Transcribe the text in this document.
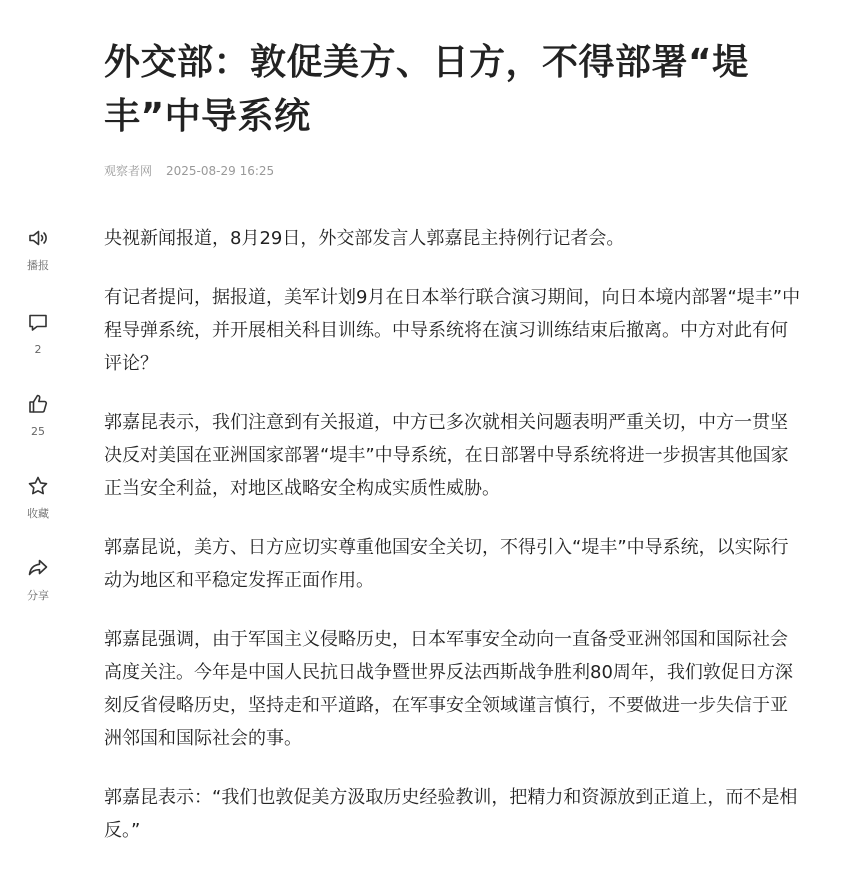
外交部：敦促美方、日方，不得部署“堤丰”中导系统
观察者网 2025-08-29 16:25
播报
2
25
收藏
分享

央视新闻报道，8月29日，外交部发言人郭嘉昆主持例行记者会。

有记者提问，据报道，美军计划9月在日本举行联合演习期间，向日本境内部署“堤丰”中程导弹系统，并开展相关科目训练。中导系统将在演习训练结束后撤离。中方对此有何评论？

郭嘉昆表示，我们注意到有关报道，中方已多次就相关问题表明严重关切，中方一贯坚决反对美国在亚洲国家部署“堤丰”中导系统，在日部署中导系统将进一步损害其他国家正当安全利益，对地区战略安全构成实质性威胁。

郭嘉昆说，美方、日方应切实尊重他国安全关切，不得引入“堤丰”中导系统，以实际行动为地区和平稳定发挥正面作用。

郭嘉昆强调，由于军国主义侵略历史，日本军事安全动向一直备受亚洲邻国和国际社会高度关注。今年是中国人民抗日战争暨世界反法西斯战争胜利80周年，我们敦促日方深刻反省侵略历史，坚持走和平道路，在军事安全领域谨言慎行，不要做进一步失信于亚洲邻国和国际社会的事。

郭嘉昆表示：“我们也敦促美方汲取历史经验教训，把精力和资源放到正道上，而不是相反。”
